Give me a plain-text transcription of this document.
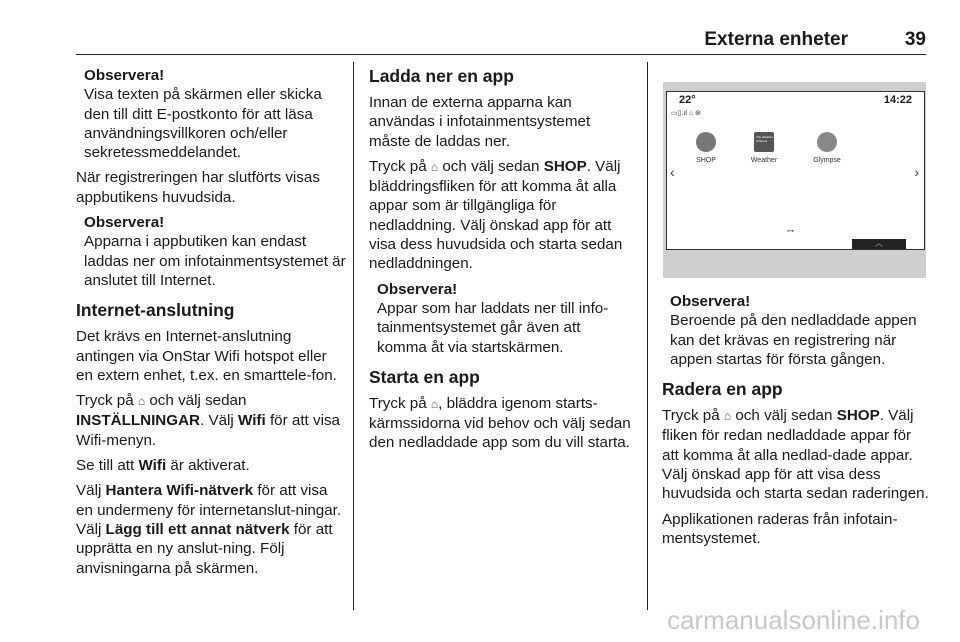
Externa enheter	39

Observera!

Visa texten på skärmen eller skicka den till ditt E-postkonto för att läsa användningsvillkoren och/eller sekretessmeddelandet.

När registreringen har slutförts visas appbutikens huvudsida.

Observera!

Apparna i appbutiken kan endast laddas ner om infotainmentsystemet är anslutet till Internet.

Internet-anslutning

Det krävs en Internet-anslutning antingen via OnStar Wifi hotspot eller en extern enhet, t.ex. en smarttele-fon.

Tryck på ⌂ och välj sedan INSTÄLLNINGAR. Välj Wifi för att visa Wifi-menyn.

Se till att Wifi är aktiverat.

Välj Hantera Wifi-nätverk för att visa en undermeny för internetanslut-ningar. Välj Lägg till ett annat nätverk för att upprätta en ny anslut-ning. Följ anvisningarna på skärmen.

Ladda ner en app

Innan de externa apparna kan användas i infotainmentsystemet måste de laddas ner.

Tryck på ⌂ och välj sedan SHOP. Välj bläddringsfliken för att komma åt alla appar som är tillgängliga för nedladdning. Välj önskad app för att visa dess huvudsida och starta sedan nedladdningen.

Observera!

Appar som har laddats ner till info-tainmentsystemet går även att komma åt via startskärmen.

Starta en app

Tryck på ⌂, bläddra igenom starts-kärmssidorna vid behov och välj sedan den nedladdade app som du vill starta.

22°	14:22
▭▯.ıl ⌂ ⊛
SHOP
The Weather Channel
Weather	Glympse
‹	›
⊶
︿

Observera!

Beroende på den nedladdade appen kan det krävas en registrering när appen startas för första gången.

Radera en app

Tryck på ⌂ och välj sedan SHOP. Välj fliken för redan nedladdade appar för att komma åt alla nedlad-dade appar. Välj önskad app för att visa dess huvudsida och starta sedan raderingen.

Applikationen raderas från infotain-mentsystemet.

carmanualsonline.info
